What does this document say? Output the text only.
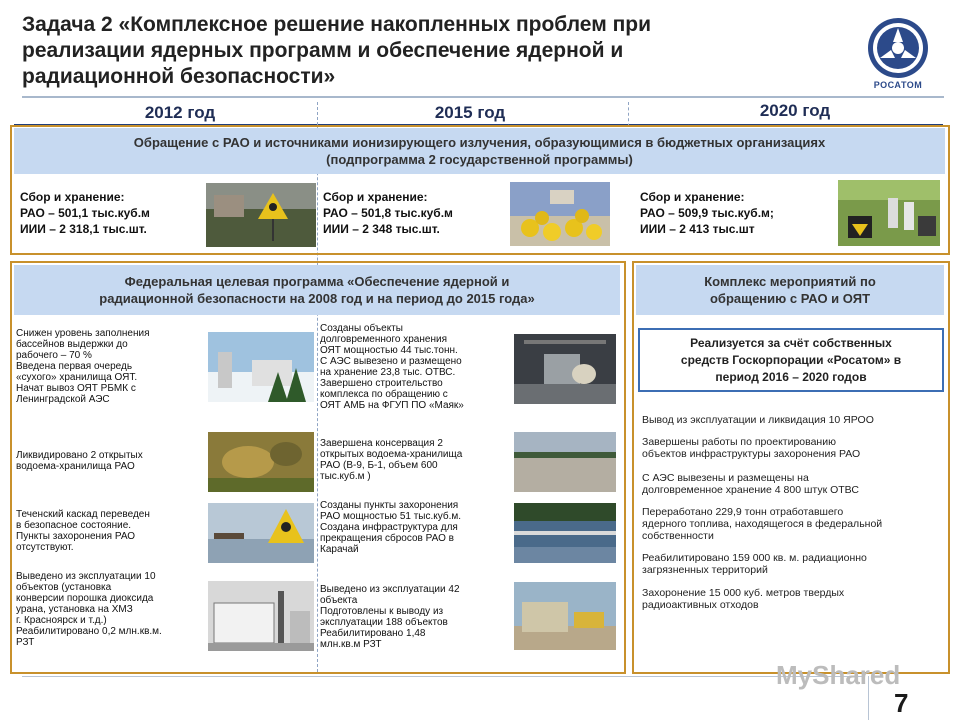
Задача 2 «Комплексное решение накопленных проблем при
реализации ядерных программ и обеспечение ядерной и
радиационной безопасности»	РОСАТОМ
2012 год	2015 год	2020 год
Обращение с РАО и источниками ионизирующего излучения, образующимися в бюджетных организациях
(подпрограмма 2 государственной программы)
Сбор и хранение:
РАО – 501,1 тыс.куб.м
ИИИ – 2 318,1 тыс.шт.
Сбор и хранение:
РАО – 501,8 тыс.куб.м
ИИИ – 2 348 тыс.шт.
Сбор и хранение:
РАО – 509,9 тыс.куб.м;
ИИИ – 2 413 тыс.шт
Федеральная целевая программа «Обеспечение ядерной и
радиационной безопасности на 2008 год и на период до 2015 года»
Снижен уровень заполнения
бассейнов выдержки до
рабочего – 70 %
Введена первая очередь
«сухого» хранилища ОЯТ.
Начат вывоз ОЯТ РБМК с
Ленинградской АЭС
Ликвидировано 2 открытых
водоема-хранилища РАО
Теченский каскад переведен
в безопасное состояние.
Пункты захоронения РАО
отсутствуют.
Выведено из эксплуатации 10
объектов (установка
конверсии порошка диоксида
урана, установка на ХМЗ
г. Красноярск и т.д.)
Реабилитировано 0,2 млн.кв.м.
РЗТ
Созданы объекты
долговременного хранения
ОЯТ мощностью 44 тыс.тонн.
С АЭС вывезено и размещено
на хранение 23,8 тыс. ОТВС.
Завершено строительство
комплекса по обращению с
ОЯТ АМБ на ФГУП ПО «Маяк»
Завершена консервация 2
открытых водоема-хранилища
РАО (В-9, Б-1, объем 600
тыс.куб.м )
Созданы пункты захоронения
РАО мощностью 51 тыс.куб.м.
Создана инфраструктура для
прекращения сбросов РАО в
Карачай
Выведено из эксплуатации 42
объекта
Подготовлены к выводу из
эксплуатации 188 объектов
Реабилитировано 1,48
млн.кв.м РЗТ
Комплекс мероприятий по
обращению с РАО и ОЯТ
Реализуется за счёт собственных
средств Госкорпорации «Росатом» в
период 2016 – 2020 годов
Вывод из эксплуатации и ликвидация 10 ЯРОО
Завершены работы по проектированию
объектов инфраструктуры захоронения РАО
С АЭС вывезены и размещены на
долговременное хранение 4 800 штук ОТВС
Переработано 229,9 тонн отработавшего
ядерного топлива, находящегося в федеральной
собственности
Реабилитировано 159 000 кв. м. радиационно
загрязненных территорий
Захоронение 15 000 куб. метров твердых
радиоактивных отходов
MyShared
7
